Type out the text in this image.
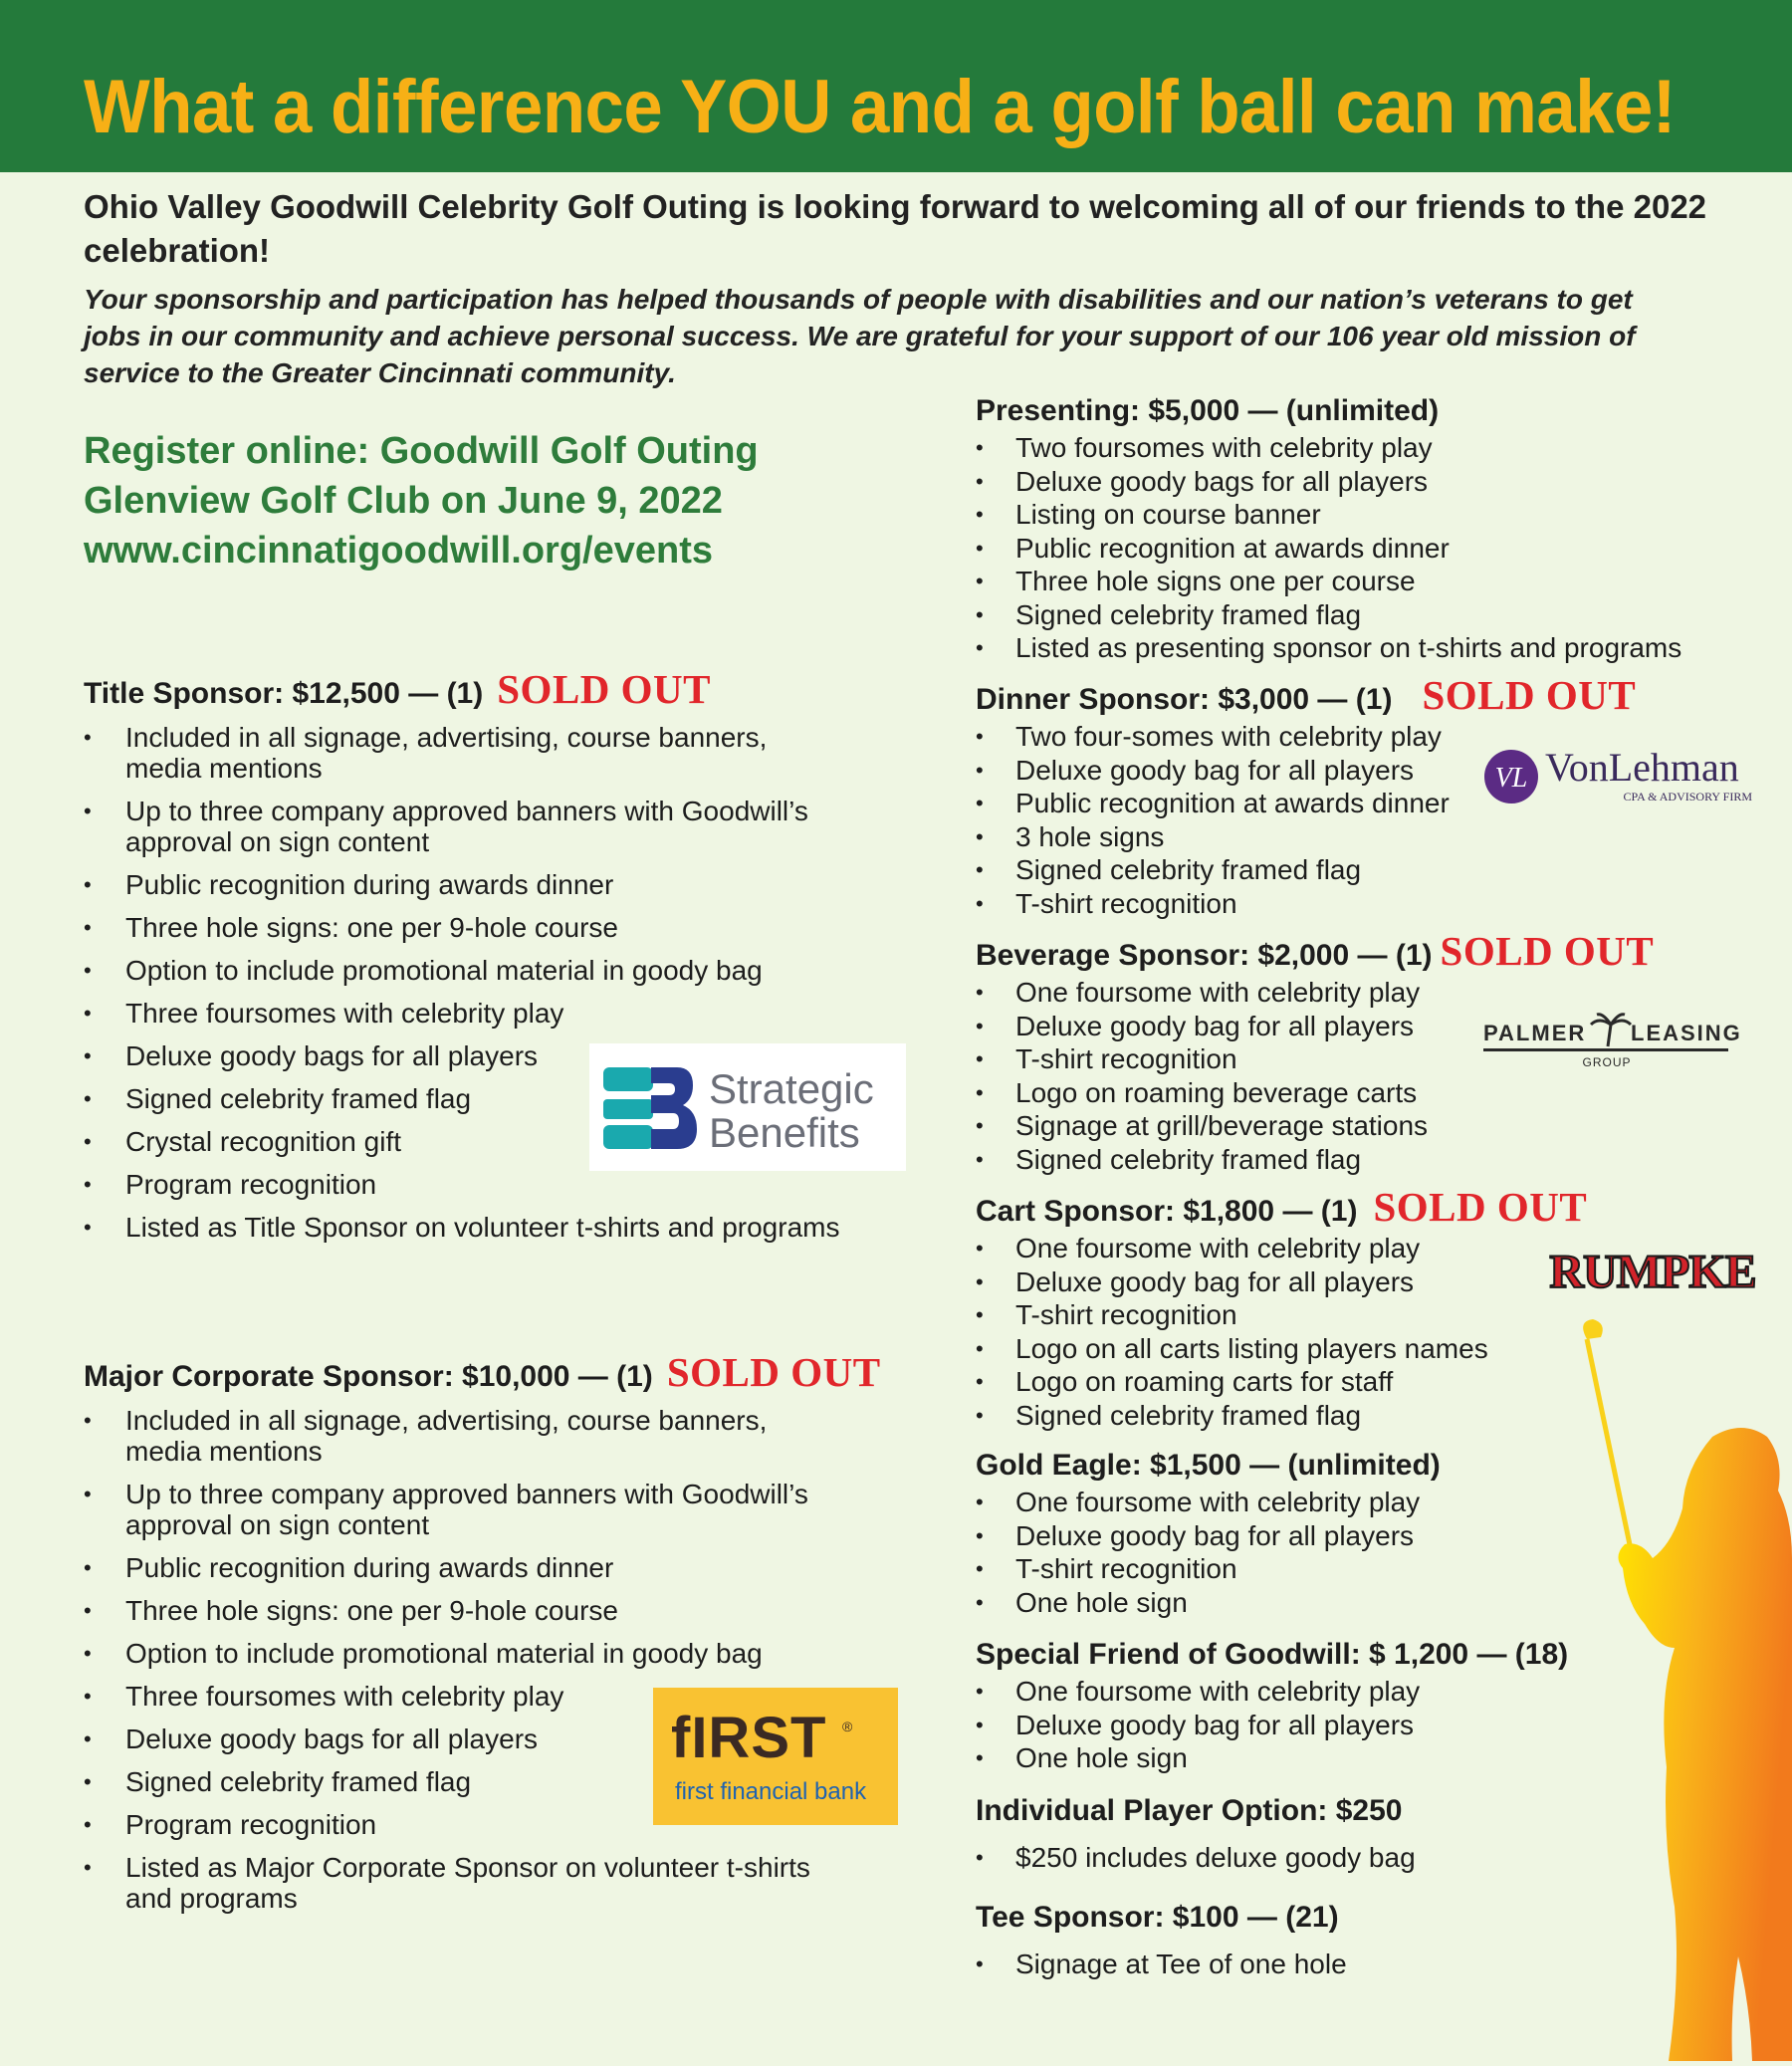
What a difference YOU and a golf ball can make!

Ohio Valley Goodwill Celebrity Golf Outing is looking forward to welcoming all of our friends to the 2022 celebration!

Your sponsorship and participation has helped thousands of people with disabilities and our nation’s veterans to get jobs in our community and achieve personal success. We are grateful for your support of our 106 year old mission of service to the Greater Cincinnati community.

Register online: Goodwill Golf Outing
Glenview Golf Club on June 9, 2022
www.cincinnatigoodwill.org/events
Title Sponsor: $12,500 — (1) SOLD OUT
• Included in all signage, advertising, course banners, media mentions
• Up to three company approved banners with Goodwill’s approval on sign content
• Public recognition during awards dinner
• Three hole signs: one per 9-hole course
• Option to include promotional material in goody bag
• Three foursomes with celebrity play
• Deluxe goody bags for all players
• Signed celebrity framed flag
• Crystal recognition gift
• Program recognition
• Listed as Title Sponsor on volunteer t-shirts and programs
Major Corporate Sponsor: $10,000 — (1) SOLD OUT
• Included in all signage, advertising, course banners, media mentions
• Up to three company approved banners with Goodwill’s approval on sign content
• Public recognition during awards dinner
• Three hole signs: one per 9-hole course
• Option to include promotional material in goody bag
• Three foursomes with celebrity play
• Deluxe goody bags for all players
• Signed celebrity framed flag
• Program recognition
• Listed as Major Corporate Sponsor on volunteer t-shirts and programs
Presenting: $5,000 — (unlimited)
• Two foursomes with celebrity play
• Deluxe goody bags for all players
• Listing on course banner
• Public recognition at awards dinner
• Three hole signs one per course
• Signed celebrity framed flag
• Listed as presenting sponsor on t-shirts and programs
Dinner Sponsor: $3,000 — (1) SOLD OUT
• Two four-somes with celebrity play
• Deluxe goody bag for all players
• Public recognition at awards dinner
• 3 hole signs
• Signed celebrity framed flag
• T-shirt recognition
Beverage Sponsor: $2,000 — (1) SOLD OUT
• One foursome with celebrity play
• Deluxe goody bag for all players
• T-shirt recognition
• Logo on roaming beverage carts
• Signage at grill/beverage stations
• Signed celebrity framed flag
Cart Sponsor: $1,800 — (1) SOLD OUT
• One foursome with celebrity play
• Deluxe goody bag for all players
• T-shirt recognition
• Logo on all carts listing players names
• Logo on roaming carts for staff
• Signed celebrity framed flag
Gold Eagle: $1,500 — (unlimited)
• One foursome with celebrity play
• Deluxe goody bag for all players
• T-shirt recognition
• One hole sign
Special Friend of Goodwill: $ 1,200 — (18)
• One foursome with celebrity play
• Deluxe goody bag for all players
• One hole sign
Individual Player Option: $250
• $250 includes deluxe goody bag
Tee Sponsor: $100 — (21)
• Signage at Tee of one hole
Strategic
Benefits
fIRST ®
first financial bank
VL VonLehman
CPA & ADVISORY FIRM
PALMER LEASING
GROUP
RUMPKE
